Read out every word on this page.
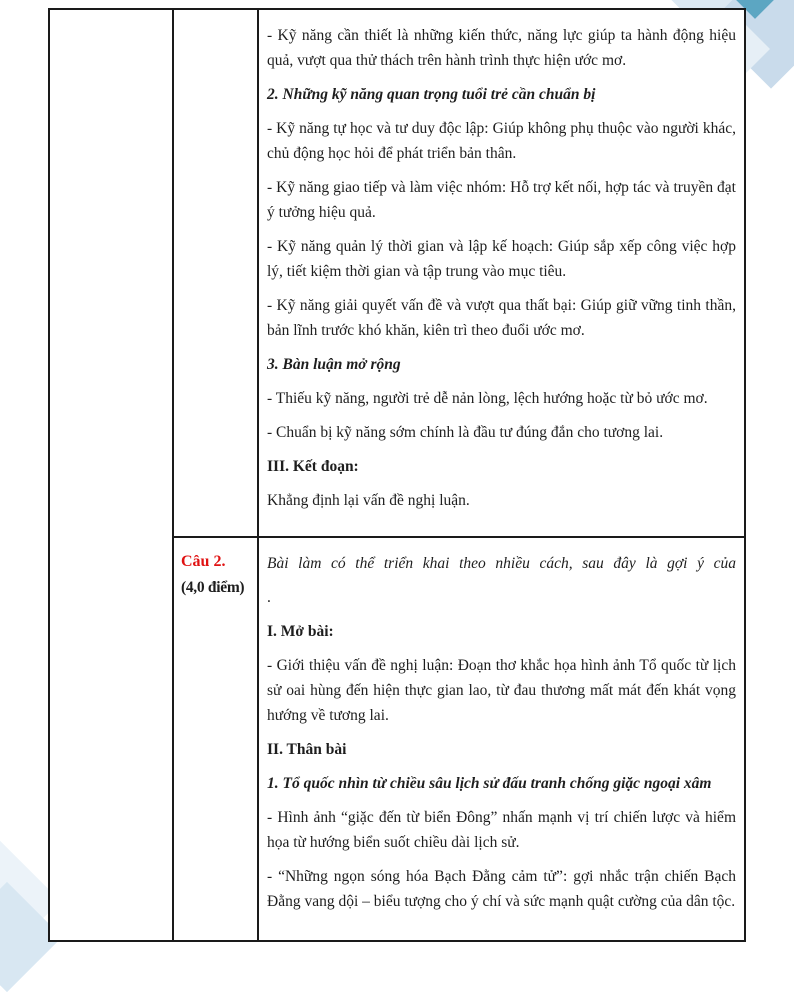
- Kỹ năng cần thiết là những kiến thức, năng lực giúp ta hành động hiệu quả, vượt qua thử thách trên hành trình thực hiện ước mơ.

2. Những kỹ năng quan trọng tuổi trẻ cần chuẩn bị

- Kỹ năng tự học và tư duy độc lập: Giúp không phụ thuộc vào người khác, chủ động học hỏi để phát triển bản thân.

- Kỹ năng giao tiếp và làm việc nhóm: Hỗ trợ kết nối, hợp tác và truyền đạt ý tưởng hiệu quả.

- Kỹ năng quản lý thời gian và lập kế hoạch: Giúp sắp xếp công việc hợp lý, tiết kiệm thời gian và tập trung vào mục tiêu.

- Kỹ năng giải quyết vấn đề và vượt qua thất bại: Giúp giữ vững tinh thần, bản lĩnh trước khó khăn, kiên trì theo đuổi ước mơ.

3. Bàn luận mở rộng

- Thiếu kỹ năng, người trẻ dễ nản lòng, lệch hướng hoặc từ bỏ ước mơ.

- Chuẩn bị kỹ năng sớm chính là đầu tư đúng đắn cho tương lai.

III. Kết đoạn:

Khẳng định lại vấn đề nghị luận.

Câu 2.
(4,0 điểm)

Bài làm có thể triển khai theo nhiều cách, sau đây là gợi ý của

.

I. Mở bài:

- Giới thiệu vấn đề nghị luận: Đoạn thơ khắc họa hình ảnh Tổ quốc từ lịch sử oai hùng đến hiện thực gian lao, từ đau thương mất mát đến khát vọng hướng về tương lai.

II. Thân bài

1. Tổ quốc nhìn từ chiều sâu lịch sử đấu tranh chống giặc ngoại xâm

- Hình ảnh “giặc đến từ biển Đông” nhấn mạnh vị trí chiến lược và hiểm họa từ hướng biển suốt chiều dài lịch sử.

- “Những ngọn sóng hóa Bạch Đằng cảm tử”: gợi nhắc trận chiến Bạch Đằng vang dội – biểu tượng cho ý chí và sức mạnh quật cường của dân tộc.
